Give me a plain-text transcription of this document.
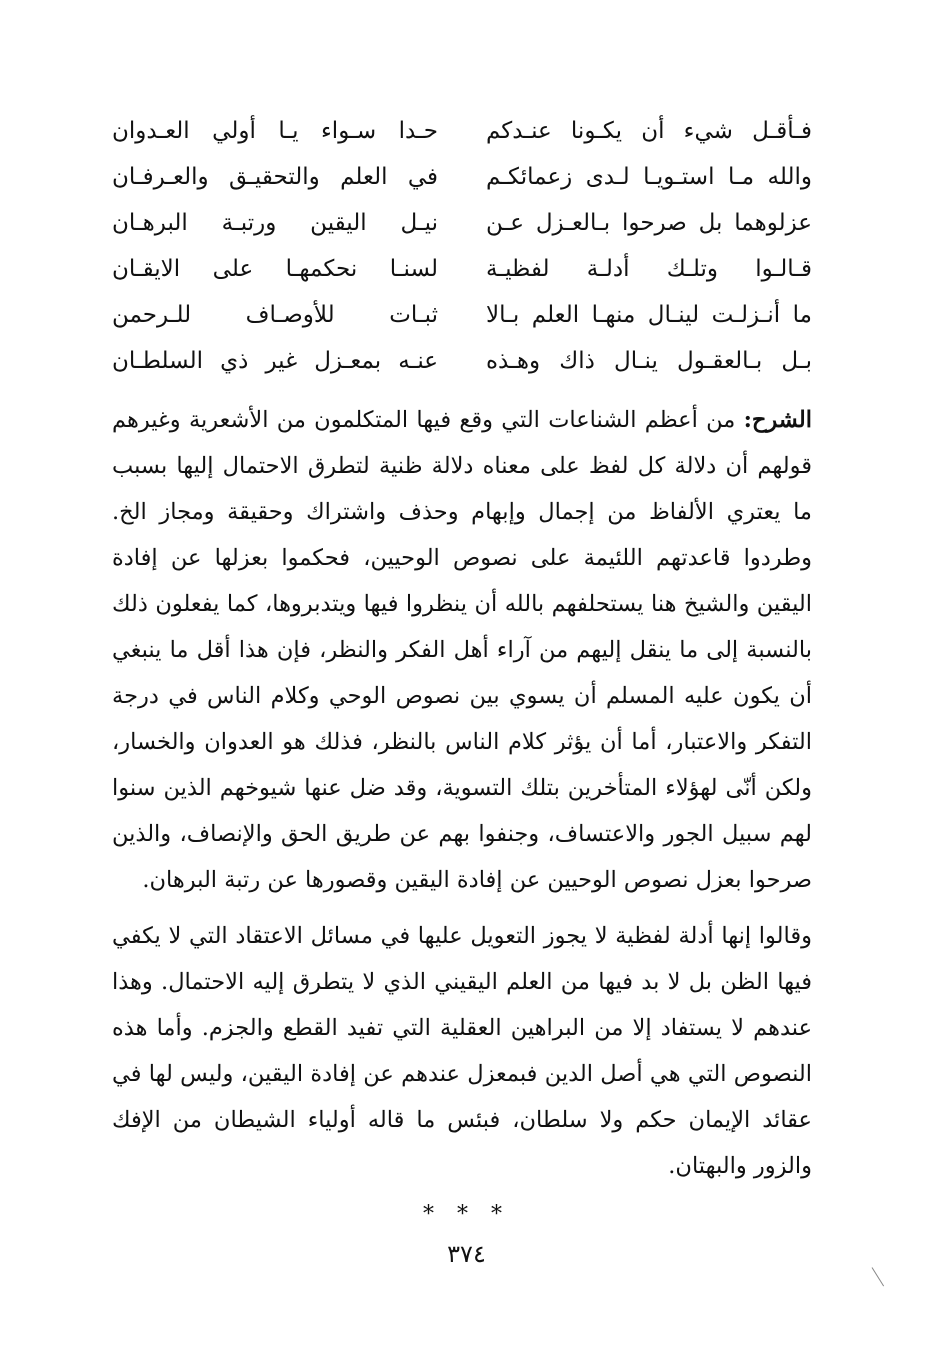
فـأقـل شيء أن يكـونا عنـدكم
حـدا سـواء يـا أولي العـدوان
والله مـا استـويـا لـدى زعمائكـم
في العلم والتحقيـق والعـرفـان
عزلوهما بل صرحوا بـالعـزل عـن
نيـل اليقين ورتبـة البرهـان
قـالـوا وتلـك أدلـة لفظيـة
لسنـا نحكمهـا على الايقـان
ما أنـزلـت لينـال منهـا العلم بـالا
ثبـات للأوصـاف للـرحمن
بـل بـالعقـول ينـال ذاك وهـذه
عنـه بمعـزل غير ذي السلطـان

الشرح: من أعظم الشناعات التي وقع فيها المتكلمون من الأشعرية وغيرهم قولهم أن دلالة كل لفظ على معناه دلالة ظنية لتطرق الاحتمال إليها بسبب ما يعتري الألفاظ من إجمال وإبهام وحذف واشتراك وحقيقة ومجاز الخ. وطردوا قاعدتهم اللئيمة على نصوص الوحيين، فحكموا بعزلها عن إفادة اليقين والشيخ هنا يستحلفهم بالله أن ينظروا فيها ويتدبروها، كما يفعلون ذلك بالنسبة إلى ما ينقل إليهم من آراء أهل الفكر والنظر، فإن هذا أقل ما ينبغي أن يكون عليه المسلم أن يسوي بين نصوص الوحي وكلام الناس في درجة التفكر والاعتبار، أما أن يؤثر كلام الناس بالنظر، فذلك هو العدوان والخسار، ولكن أنّى لهؤلاء المتأخرين بتلك التسوية، وقد ضل عنها شيوخهم الذين سنوا لهم سبيل الجور والاعتساف، وجنفوا بهم عن طريق الحق والإنصاف، والذين صرحوا بعزل نصوص الوحيين عن إفادة اليقين وقصورها عن رتبة البرهان.

وقالوا إنها أدلة لفظية لا يجوز التعويل عليها في مسائل الاعتقاد التي لا يكفي فيها الظن بل لا بد فيها من العلم اليقيني الذي لا يتطرق إليه الاحتمال. وهذا عندهم لا يستفاد إلا من البراهين العقلية التي تفيد القطع والجزم. وأما هذه النصوص التي هي أصل الدين فبمعزل عندهم عن إفادة اليقين، وليس لها في عقائد الإيمان حكم ولا سلطان، فبئس ما قاله أولياء الشيطان من الإفك والزور والبهتان.

* * *
٣٧٤
